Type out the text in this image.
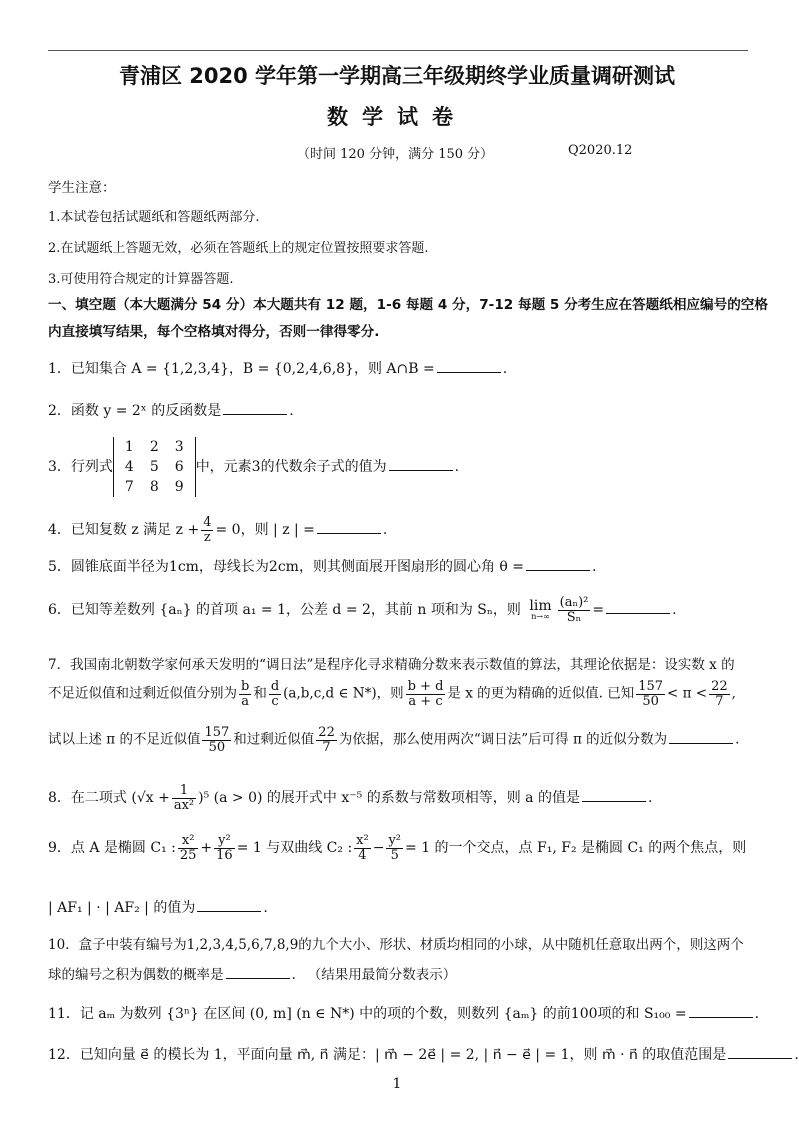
青浦区 2020 学年第一学期高三年级期终学业质量调研测试
数学试卷
（时间 120 分钟，满分 150 分）	Q2020.12
学生注意：
1.本试卷包括试题纸和答题纸两部分.
2.在试题纸上答题无效，必须在答题纸上的规定位置按照要求答题.
3.可使用符合规定的计算器答题.
一、填空题（本大题满分 54 分）本大题共有 12 题，1-6 每题 4 分，7-12 每题 5 分考生应在答题纸相应编号的空格
内直接填写结果，每个空格填对得分，否则一律得零分.
1．已知集合 A = {1,2,3,4}，B = {0,2,4,6,8}，则 A∩B =	.
2．函数 y = 2ˣ 的反函数是	.
3．行列式
1	2	3
4	5	6
7	8	9
中，元素3的代数余子式的值为	.
4．已知复数 z 满足 $z + \frac{4}{z} = 0$，则 | z | =	.
5．圆锥底面半径为1cm，母线长为2cm，则其侧面展开图扇形的圆心角 θ =	.
6．已知等差数列 {aₙ} 的首项 a₁ = 1，公差 d = 2，其前 n 项和为 Sₙ，则 lim
$n\to\infty \frac{\text{(aₙ)²}}{\text{Sₙ}}$ =	.
7．我国南北朝数学家何承天发明的“调日法”是程序化寻求精确分数来表示数值的算法，其理论依据是：设实数 x 的
不足近似值和过剩近似值分别为 $\frac{b}{a}$ 和 $\frac{d}{c} (a,b,c,d$ ∈ N*)，则 $\frac{b + d}{a + c}$ 是 x 的更为精确的近似值. 已知 $\frac{157}{50} < \pi < \frac{22}{7}$ ,
试以上述 π 的不足近似值 $\frac{157}{50}$ 和过剩近似值 $\frac{22}{7}$ 为依据，那么使用两次“调日法”后可得 π 的近似分数为	.
8．在二项式 $(√x + \frac{1}{\text{ax²}} )^5$ (a > 0) 的展开式中 x⁻⁵ 的系数与常数项相等，则 a 的值是	.
9．点 A 是椭圆 C₁ : $\frac{\text{x²}}{25} + \frac{\text{y²}}{16} = 1$ 与双曲线 C₂ : $\frac{\text{x²}}{4} - \frac{\text{y²}}{5} = 1$ 的一个交点，点 F₁, F₂ 是椭圆 C₁ 的两个焦点，则
| AF₁ | · | AF₂ | 的值为	.
10．盒子中装有编号为1,2,3,4,5,6,7,8,9的九个大小、形状、材质均相同的小球，从中随机任意取出两个，则这两个
球的编号之积为偶数的概率是	. （结果用最简分数表示）
11．记 aₘ 为数列 {3ⁿ} 在区间 (0, m] (n ∈ N*) 中的项的个数，则数列 {aₘ} 的前100项的和 S₁₀₀ =	.
12．已知向量 e⃗ 的模长为 1，平面向量 m⃗, n⃗ 满足：| m⃗ − 2e⃗ | = 2, | n⃗ − e⃗ | = 1，则 m⃗ · n⃗ 的取值范围是	.
1
